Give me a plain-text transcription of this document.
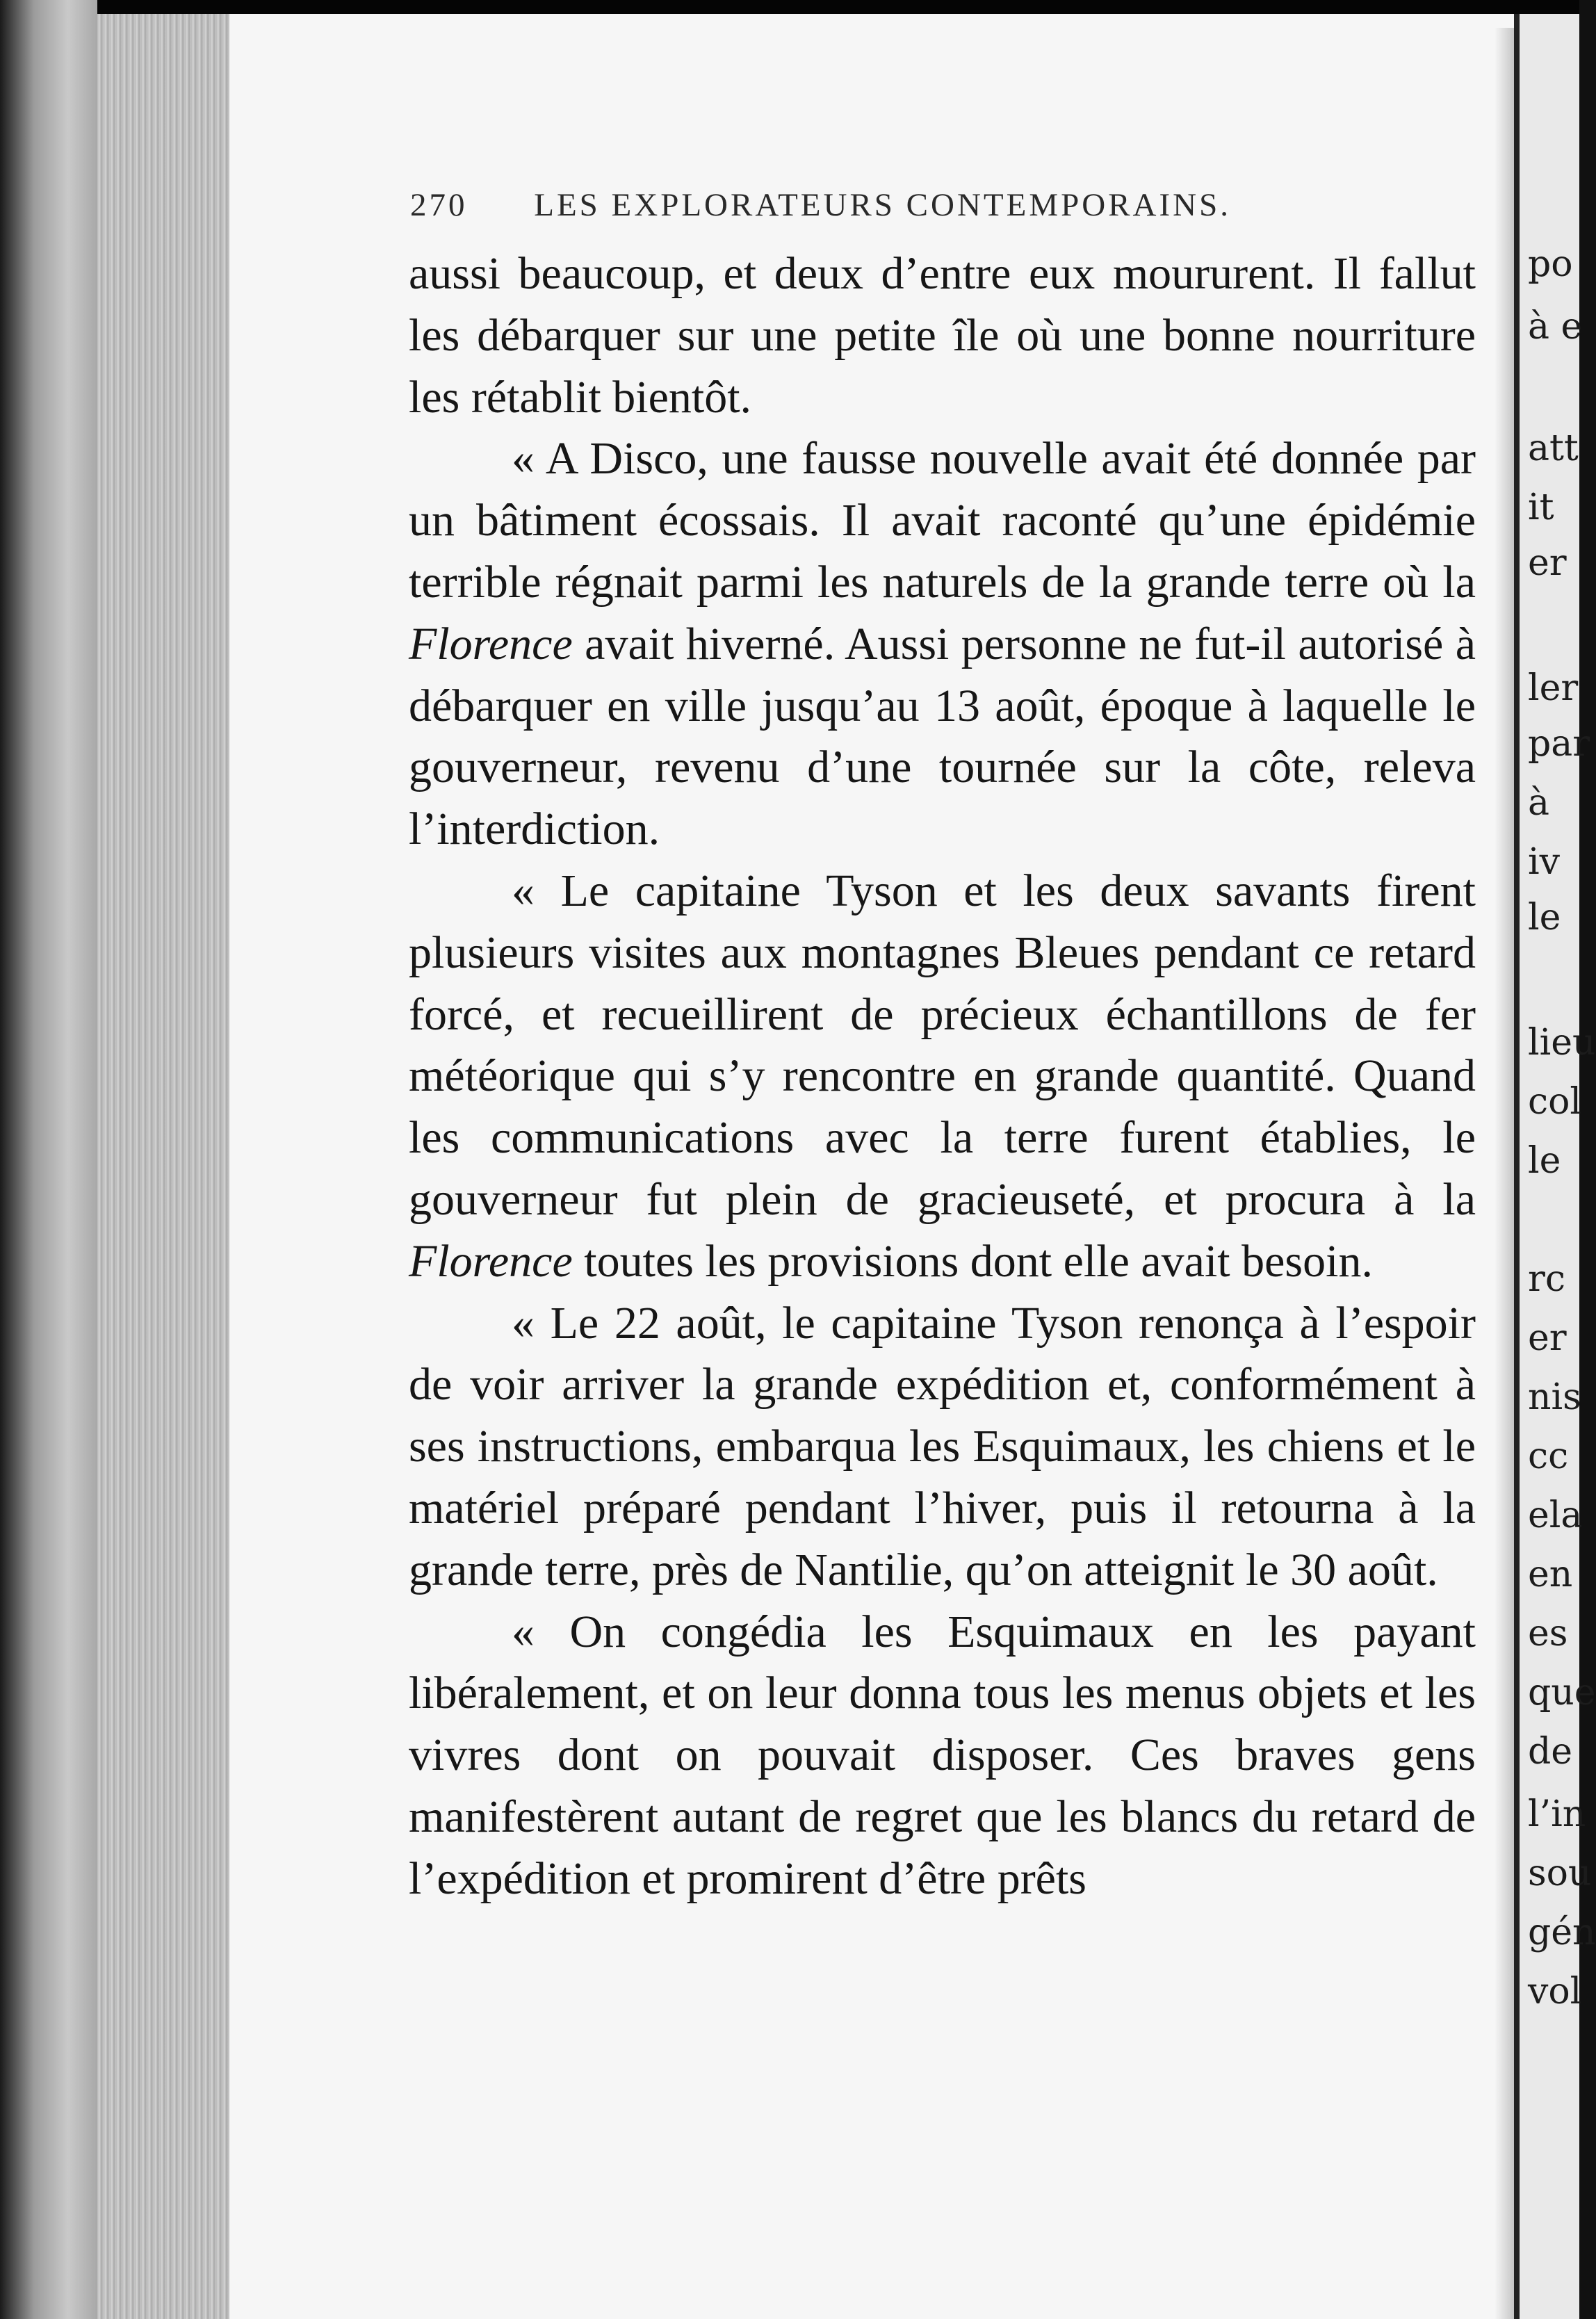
po
à e
att
it
er
ler
par
à
iv
le
lieu
col
le
rc
er
nis
cc
ela
en
es
que
de
l’in
sou
gén
vol
270 LES EXPLORATEURS CONTEMPORAINS.

aussi beaucoup, et deux d’entre eux moururent. Il fallut les débarquer sur une petite île où une bonne nourriture les rétablit bientôt.

« A Disco, une fausse nouvelle avait été donnée par un bâtiment écossais. Il avait raconté qu’une épidémie terrible régnait parmi les naturels de la grande terre où la Florence avait hiverné. Aussi personne ne fut-il autorisé à débarquer en ville jusqu’au 13 août, époque à laquelle le gouverneur, revenu d’une tournée sur la côte, releva l’interdiction.

« Le capitaine Tyson et les deux savants firent plusieurs visites aux montagnes Bleues pendant ce retard forcé, et recueillirent de précieux échantillons de fer météorique qui s’y rencontre en grande quantité. Quand les communications avec la terre furent établies, le gouverneur fut plein de gracieuseté, et procura à la Florence toutes les provisions dont elle avait besoin.

« Le 22 août, le capitaine Tyson renonça à l’espoir de voir arriver la grande expédition et, conformément à ses instructions, embarqua les Esquimaux, les chiens et le matériel préparé pendant l’hiver, puis il retourna à la grande terre, près de Nantilie, qu’on atteignit le 30 août.

« On congédia les Esquimaux en les payant libéralement, et on leur donna tous les menus objets et les vivres dont on pouvait disposer. Ces braves gens manifestèrent autant de regret que les blancs du retard de l’expédition et promirent d’être prêts
